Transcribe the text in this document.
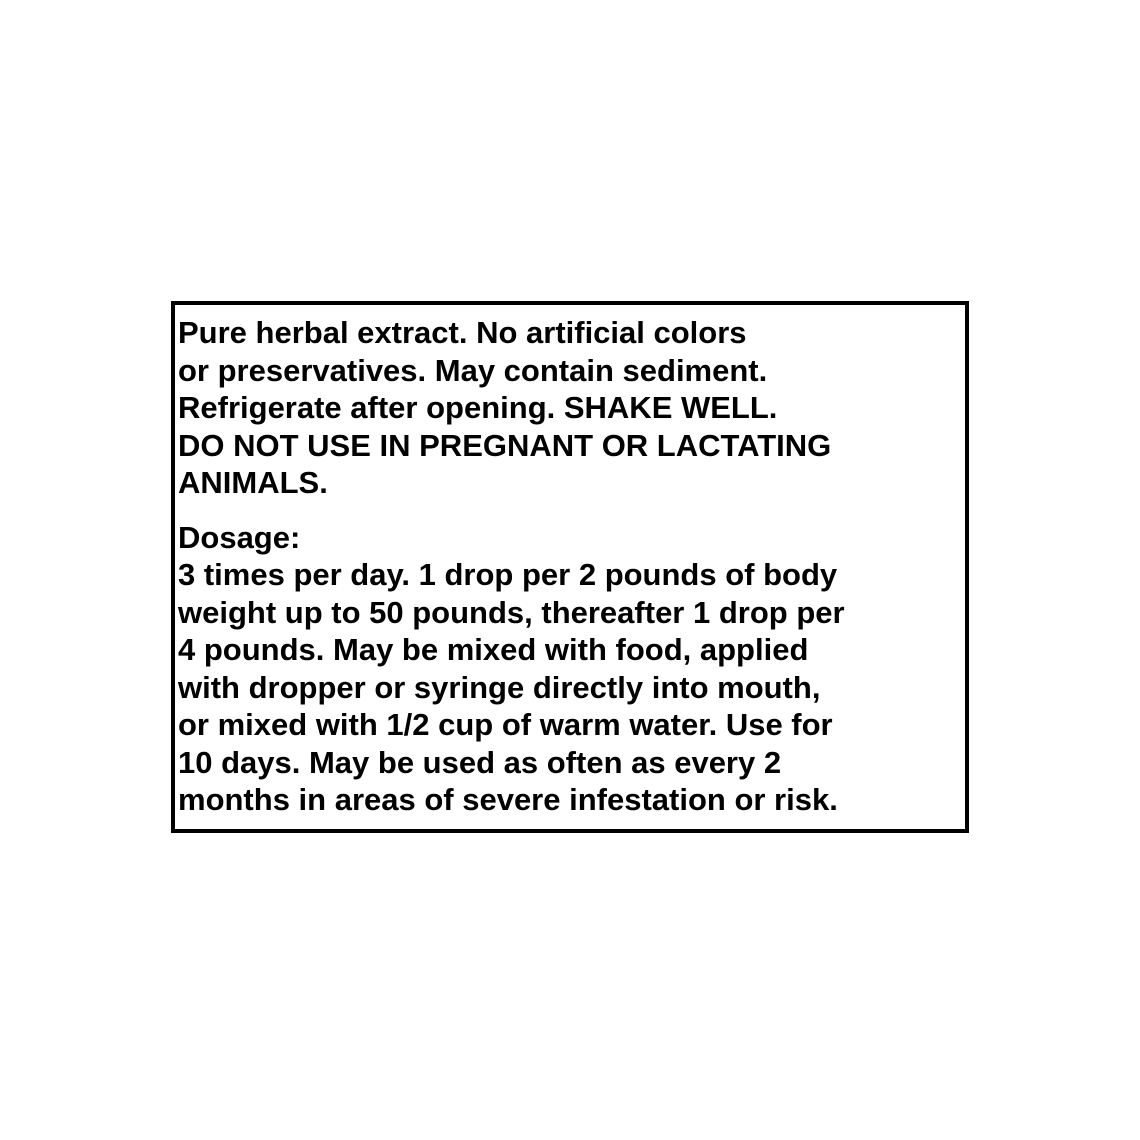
Pure herbal extract. No artificial colors
or preservatives. May contain sediment.
Refrigerate after opening. SHAKE WELL.
DO NOT USE IN PREGNANT OR LACTATING
ANIMALS.
Dosage:
3 times per day. 1 drop per 2 pounds of body
weight up to 50 pounds, thereafter 1 drop per
4 pounds. May be mixed with food, applied
with dropper or syringe directly into mouth,
or mixed with 1/2 cup of warm water. Use for
10 days. May be used as often as every 2
months in areas of severe infestation or risk.
